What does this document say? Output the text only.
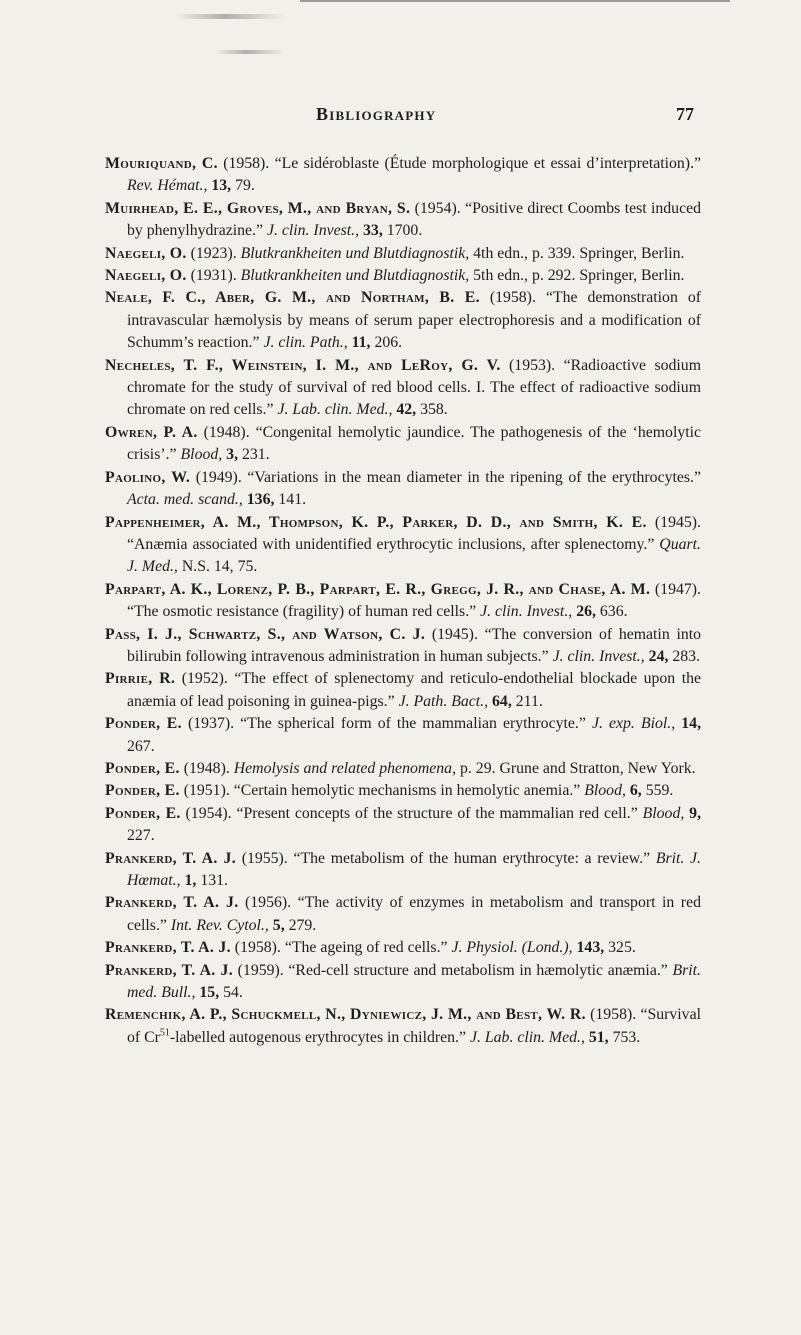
Bibliography	77

Mouriquand, C. (1958). “Le sidéroblaste (Étude morphologique et essai d’interpretation).” Rev. Hémat., 13, 79.

Muirhead, E. E., Groves, M., and Bryan, S. (1954). “Positive direct Coombs test induced by phenylhydrazine.” J. clin. Invest., 33, 1700.

Naegeli, O. (1923). Blutkrankheiten und Blutdiagnostik, 4th edn., p. 339. Springer, Berlin.

Naegeli, O. (1931). Blutkrankheiten und Blutdiagnostik, 5th edn., p. 292. Springer, Berlin.

Neale, F. C., Aber, G. M., and Northam, B. E. (1958). “The demonstration of intravascular hæmolysis by means of serum paper electrophoresis and a modification of Schumm’s reaction.” J. clin. Path., 11, 206.

Necheles, T. F., Weinstein, I. M., and LeRoy, G. V. (1953). “Radioactive sodium chromate for the study of survival of red blood cells. I. The effect of radioactive sodium chromate on red cells.” J. Lab. clin. Med., 42, 358.

Owren, P. A. (1948). “Congenital hemolytic jaundice. The pathogenesis of the ‘hemolytic crisis’.” Blood, 3, 231.

Paolino, W. (1949). “Variations in the mean diameter in the ripening of the erythrocytes.” Acta. med. scand., 136, 141.

Pappenheimer, A. M., Thompson, K. P., Parker, D. D., and Smith, K. E. (1945). “Anæmia associated with unidentified erythrocytic inclusions, after splenectomy.” Quart. J. Med., N.S. 14, 75.

Parpart, A. K., Lorenz, P. B., Parpart, E. R., Gregg, J. R., and Chase, A. M. (1947). “The osmotic resistance (fragility) of human red cells.” J. clin. Invest., 26, 636.

Pass, I. J., Schwartz, S., and Watson, C. J. (1945). “The conversion of hematin into bilirubin following intravenous administration in human subjects.” J. clin. Invest., 24, 283.

Pirrie, R. (1952). “The effect of splenectomy and reticulo-endothelial blockade upon the anæmia of lead poisoning in guinea-pigs.” J. Path. Bact., 64, 211.

Ponder, E. (1937). “The spherical form of the mammalian erythrocyte.” J. exp. Biol., 14, 267.

Ponder, E. (1948). Hemolysis and related phenomena, p. 29. Grune and Stratton, New York.

Ponder, E. (1951). “Certain hemolytic mechanisms in hemolytic anemia.” Blood, 6, 559.

Ponder, E. (1954). “Present concepts of the structure of the mammalian red cell.” Blood, 9, 227.

Prankerd, T. A. J. (1955). “The metabolism of the human erythrocyte: a review.” Brit. J. Hœmat., 1, 131.

Prankerd, T. A. J. (1956). “The activity of enzymes in metabolism and transport in red cells.” Int. Rev. Cytol., 5, 279.

Prankerd, T. A. J. (1958). “The ageing of red cells.” J. Physiol. (Lond.), 143, 325.

Prankerd, T. A. J. (1959). “Red-cell structure and metabolism in hæmolytic anæmia.” Brit. med. Bull., 15, 54.

Remenchik, A. P., Schuckmell, N., Dyniewicz, J. M., and Best, W. R. (1958). “Survival of Cr$^{51}$-labelled autogenous erythrocytes in children.” J. Lab. clin. Med., 51, 753.
